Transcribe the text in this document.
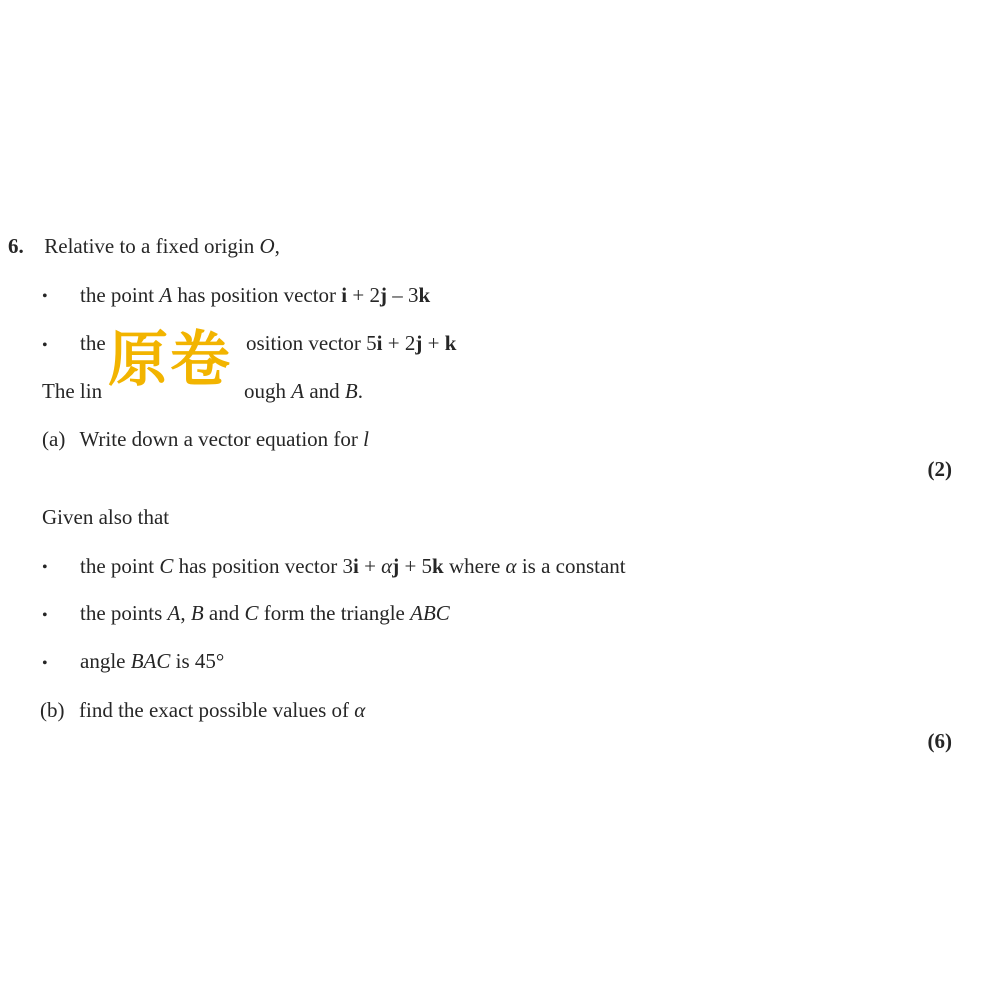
6. Relative to a fixed origin O,
• the point A has position vector i + 2j – 3k
• the	osition vector 5i + 2j + k
The lin	ough A and B.
原卷
(a) Write down a vector equation for l
(2)
Given also that
• the point C has position vector 3i + αj + 5k where α is a constant
• the points A, B and C form the triangle ABC
• angle BAC is 45°
(b) find the exact possible values of α
(6)
